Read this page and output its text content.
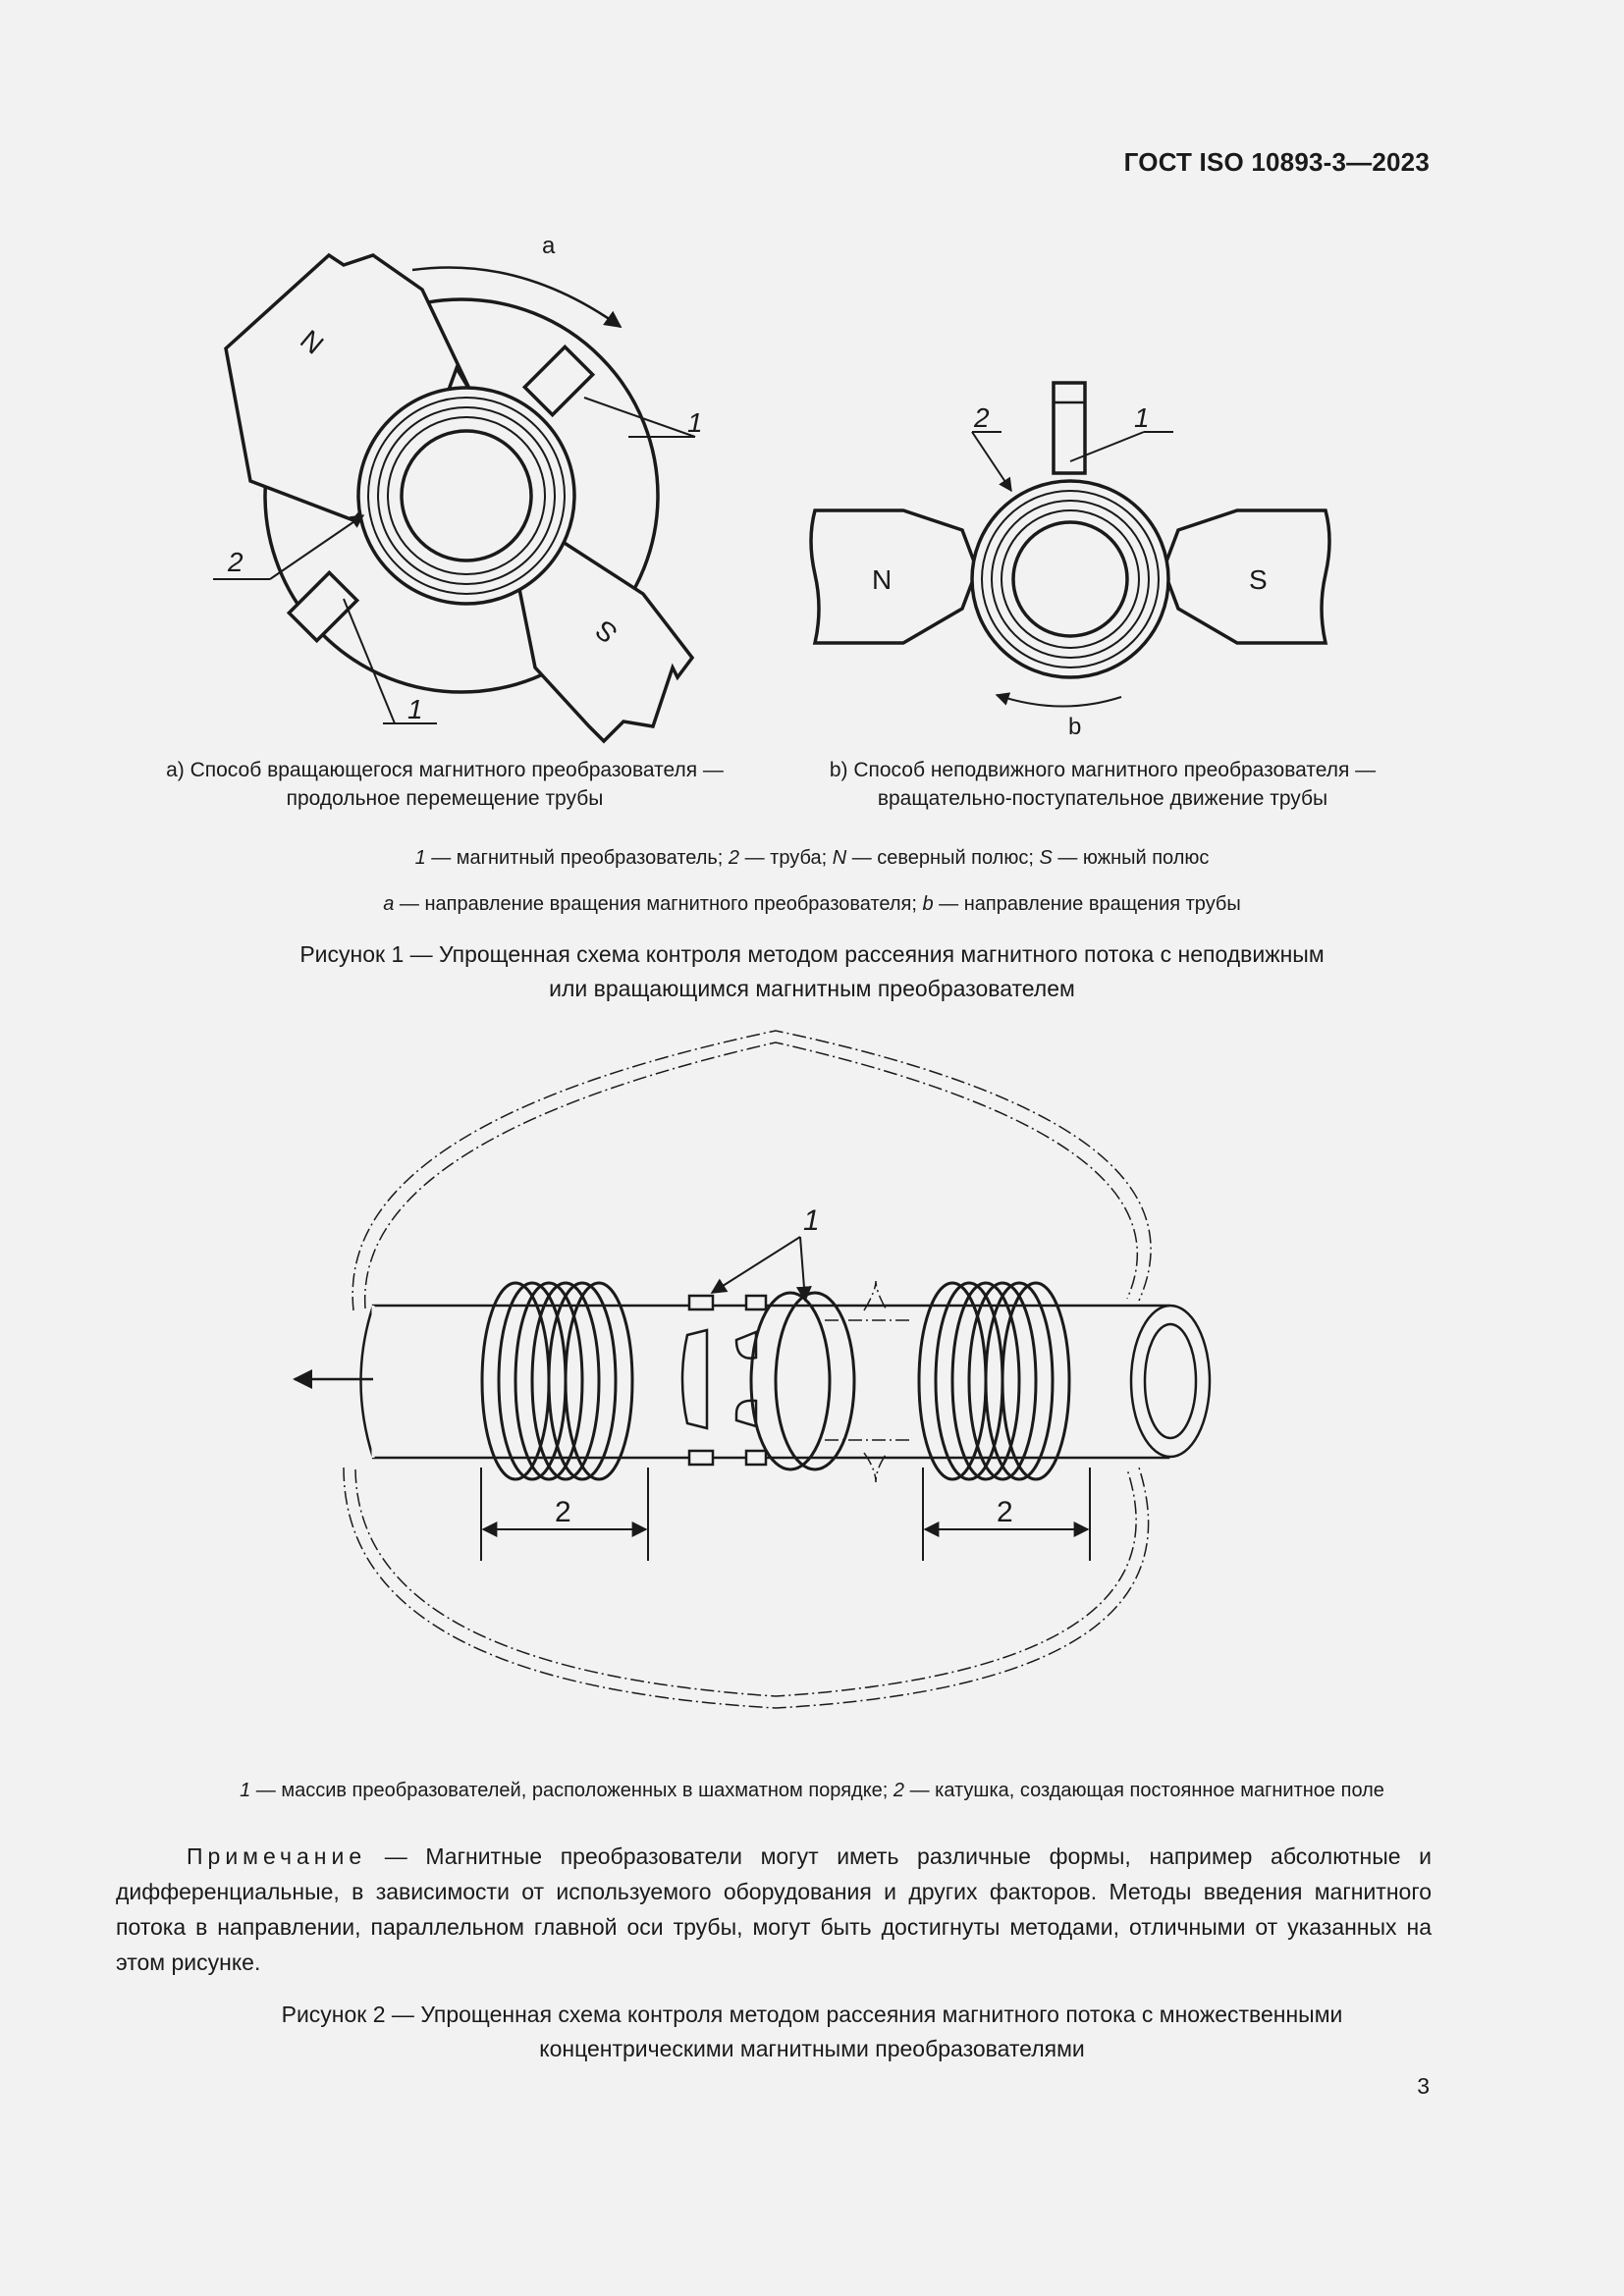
ГОСТ ISO 10893-3—2023
a
N
S
1
2
1
N	S
2	1
b
а) Способ вращающегося магнитного преобразователя —
продольное перемещение трубы
b) Способ неподвижного магнитного преобразователя —
вращательно-поступательное движение трубы
1 — магнитный преобразователь; 2 — труба; N — северный полюс; S — южный полюс
a — направление вращения магнитного преобразователя; b — направление вращения трубы
Рисунок 1 — Упрощенная схема контроля методом рассеяния магнитного потока с неподвижным
или вращающимся магнитным преобразователем
1
2	2
1 — массив преобразователей, расположенных в шахматном порядке; 2 — катушка, создающая постоянное магнитное поле
Примечание — Магнитные преобразователи могут иметь различные формы, например абсолютные и дифференциальные, в зависимости от используемого оборудования и других факторов. Методы введения магнитного потока в направлении, параллельном главной оси трубы, могут быть достигнуты методами, отличными от указанных на этом рисунке.
Рисунок 2 — Упрощенная схема контроля методом рассеяния магнитного потока с множественными
концентрическими магнитными преобразователями
3
